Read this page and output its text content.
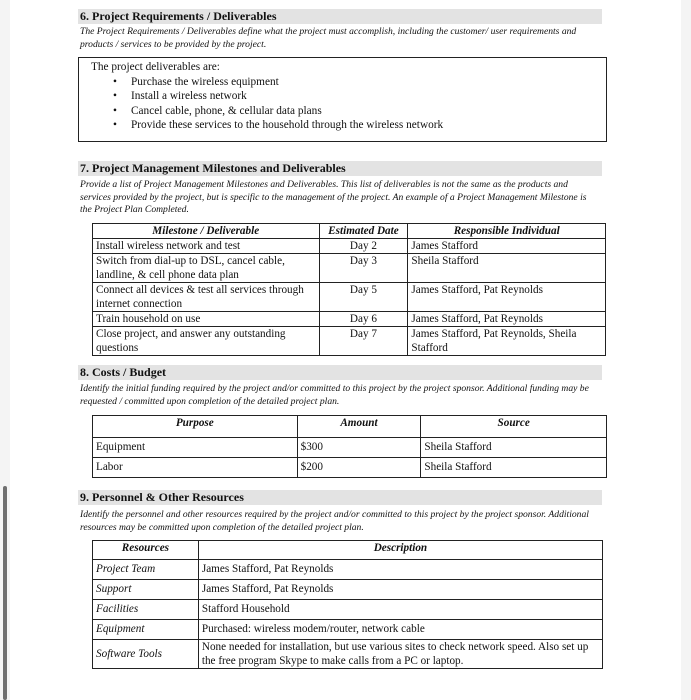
6. Project Requirements / Deliverables
The Project Requirements / Deliverables define what the project must accomplish, including the customer/ user requirements and products / services to be provided by the project.
The project deliverables are:
• Purchase the wireless equipment
• Install a wireless network
• Cancel cable, phone, & cellular data plans
• Provide these services to the household through the wireless network
7. Project Management Milestones and Deliverables
Provide a list of Project Management Milestones and Deliverables. This list of deliverables is not the same as the products and services provided by the project, but is specific to the management of the project. An example of a Project Management Milestone is the Project Plan Completed.
Milestone / Deliverable	Estimated Date	Responsible Individual
Install wireless network and test	Day 2	James Stafford
Switch from dial-up to DSL, cancel cable, landline, & cell phone data plan	Day 3	Sheila Stafford
Connect all devices & test all services through internet connection	Day 5	James Stafford, Pat Reynolds
Train household on use	Day 6	James Stafford, Pat Reynolds
Close project, and answer any outstanding questions	Day 7	James Stafford, Pat Reynolds, Sheila Stafford
8. Costs / Budget
Identify the initial funding required by the project and/or committed to this project by the project sponsor. Additional funding may be requested / committed upon completion of the detailed project plan.
Purpose	Amount	Source
Equipment	$300	Sheila Stafford
Labor	$200	Sheila Stafford
9. Personnel & Other Resources
Identify the personnel and other resources required by the project and/or committed to this project by the project sponsor. Additional resources may be committed upon completion of the detailed project plan.
Resources	Description
Project Team	James Stafford, Pat Reynolds
Support	James Stafford, Pat Reynolds
Facilities	Stafford Household
Equipment	Purchased: wireless modem/router, network cable
Software Tools	None needed for installation, but use various sites to check network speed. Also set up the free program Skype to make calls from a PC or laptop.
